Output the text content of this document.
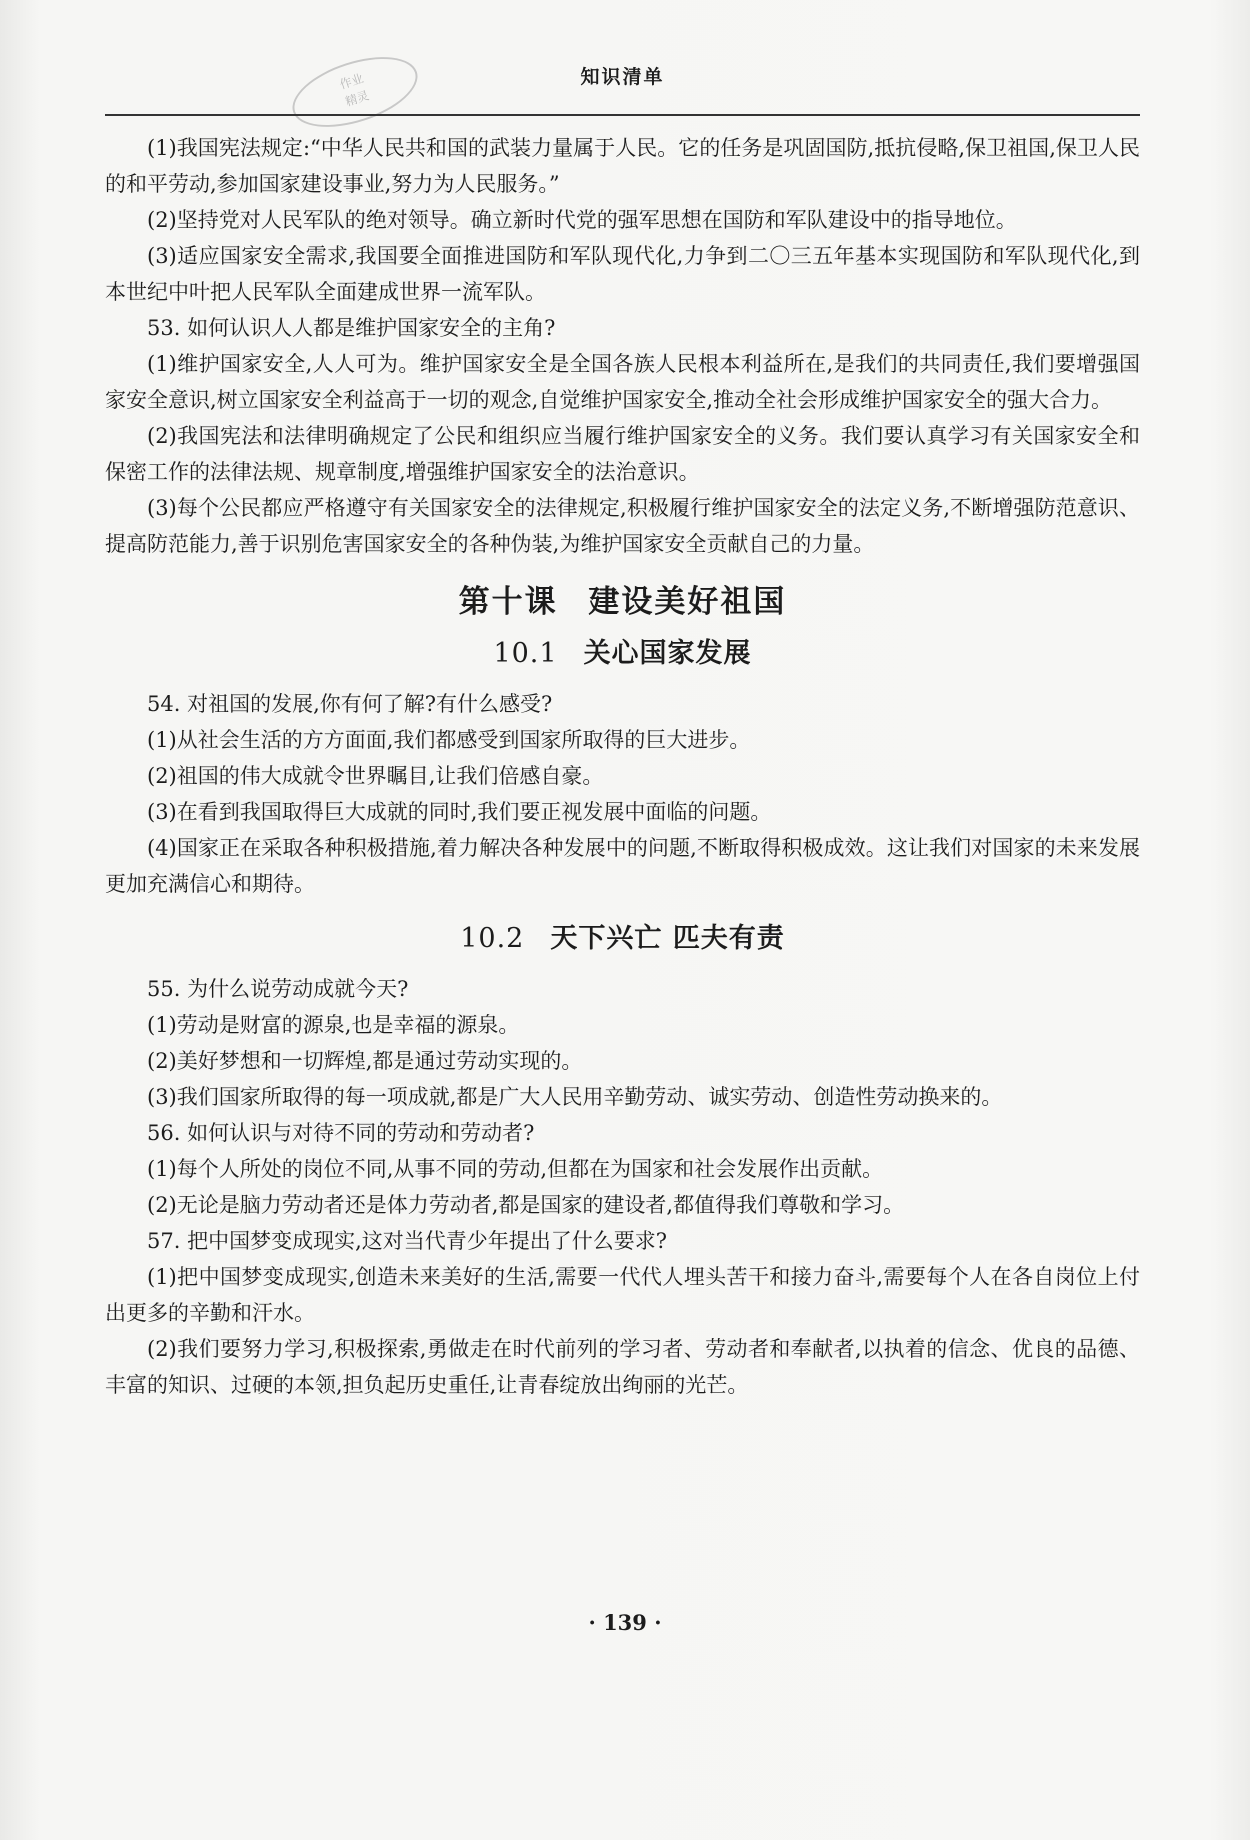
作业
精灵
知识清单

(1)我国宪法规定:“中华人民共和国的武装力量属于人民。它的任务是巩固国防,抵抗侵略,保卫祖国,保卫人民的和平劳动,参加国家建设事业,努力为人民服务。”

(2)坚持党对人民军队的绝对领导。确立新时代党的强军思想在国防和军队建设中的指导地位。

(3)适应国家安全需求,我国要全面推进国防和军队现代化,力争到二〇三五年基本实现国防和军队现代化,到本世纪中叶把人民军队全面建成世界一流军队。

53. 如何认识人人都是维护国家安全的主角?

(1)维护国家安全,人人可为。维护国家安全是全国各族人民根本利益所在,是我们的共同责任,我们要增强国家安全意识,树立国家安全利益高于一切的观念,自觉维护国家安全,推动全社会形成维护国家安全的强大合力。

(2)我国宪法和法律明确规定了公民和组织应当履行维护国家安全的义务。我们要认真学习有关国家安全和保密工作的法律法规、规章制度,增强维护国家安全的法治意识。

(3)每个公民都应严格遵守有关国家安全的法律规定,积极履行维护国家安全的法定义务,不断增强防范意识、提高防范能力,善于识别危害国家安全的各种伪装,为维护国家安全贡献自己的力量。

第十课 建设美好祖国
10.1 关心国家发展

54. 对祖国的发展,你有何了解?有什么感受?

(1)从社会生活的方方面面,我们都感受到国家所取得的巨大进步。

(2)祖国的伟大成就令世界瞩目,让我们倍感自豪。

(3)在看到我国取得巨大成就的同时,我们要正视发展中面临的问题。

(4)国家正在采取各种积极措施,着力解决各种发展中的问题,不断取得积极成效。这让我们对国家的未来发展更加充满信心和期待。

10.2 天下兴亡 匹夫有责

55. 为什么说劳动成就今天?

(1)劳动是财富的源泉,也是幸福的源泉。

(2)美好梦想和一切辉煌,都是通过劳动实现的。

(3)我们国家所取得的每一项成就,都是广大人民用辛勤劳动、诚实劳动、创造性劳动换来的。

56. 如何认识与对待不同的劳动和劳动者?

(1)每个人所处的岗位不同,从事不同的劳动,但都在为国家和社会发展作出贡献。

(2)无论是脑力劳动者还是体力劳动者,都是国家的建设者,都值得我们尊敬和学习。

57. 把中国梦变成现实,这对当代青少年提出了什么要求?

(1)把中国梦变成现实,创造未来美好的生活,需要一代代人埋头苦干和接力奋斗,需要每个人在各自岗位上付出更多的辛勤和汗水。

(2)我们要努力学习,积极探索,勇做走在时代前列的学习者、劳动者和奉献者,以执着的信念、优良的品德、丰富的知识、过硬的本领,担负起历史重任,让青春绽放出绚丽的光芒。

· 139 ·
